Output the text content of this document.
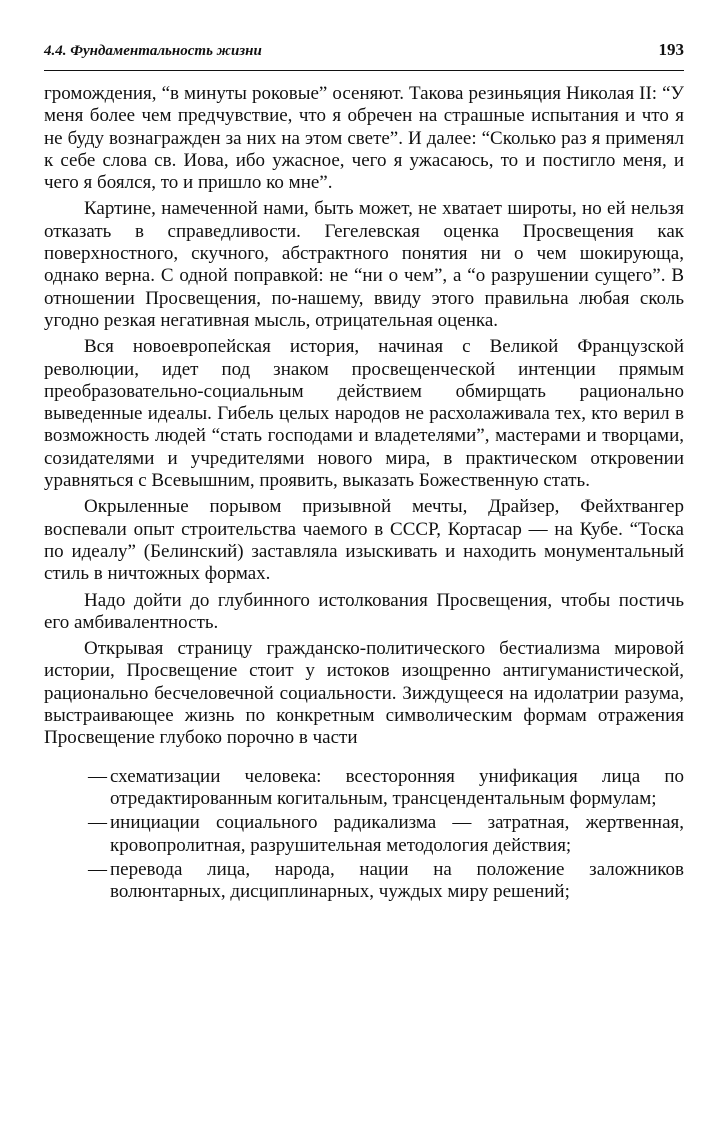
4.4. Фундаментальность жизни	193

громождения, “в минуты роковые” осеняют. Такова резиньяция Николая II: “У меня более чем предчувствие, что я обречен на страшные испытания и что я не буду вознагражден за них на этом свете”. И далее: “Сколько раз я применял к себе слова св. Иова, ибо ужасное, чего я ужасаюсь, то и постигло меня, и чего я боялся, то и пришло ко мне”.

Картине, намеченной нами, быть может, не хватает широты, но ей нельзя отказать в справедливости. Гегелевская оценка Просвещения как поверхностного, скучного, абстрактного понятия ни о чем шокирующа, однако верна. С одной поправкой: не “ни о чем”, а “о разрушении сущего”. В отношении Просвещения, по-нашему, ввиду этого правильна любая сколь угодно резкая негативная мысль, отрицательная оценка.

Вся новоевропейская история, начиная с Великой Французской революции, идет под знаком просвещенческой интенции прямым преобразовательно-социальным действием обмирщать рационально выведенные идеалы. Гибель целых народов не расхолаживала тех, кто верил в возможность людей “стать господами и владетелями”, мастерами и творцами, созидателями и учредителями нового мира, в практическом откровении уравняться с Всевышним, проявить, выказать Божественную стать.

Окрыленные порывом призывной мечты, Драйзер, Фейхтвангер воспевали опыт строительства чаемого в СССР, Кортасар — на Кубе. “Тоска по идеалу” (Белинский) заставляла изыскивать и находить монументальный стиль в ничтожных формах.

Надо дойти до глубинного истолкования Просвещения, чтобы постичь его амбивалентность.

Открывая страницу гражданско-политического бестиализма мировой истории, Просвещение стоит у истоков изощренно антигуманистической, рационально бесчеловечной социальности. Зиждущееся на идолатрии разума, выстраивающее жизнь по конкретным символическим формам отражения Просвещение глубоко порочно в части

— схематизации человека: всесторонняя унификация лица по отредактированным когитальным, трансцендентальным формулам;
— инициации социального радикализма — затратная, жертвенная, кровопролитная, разрушительная методология действия;
— перевода лица, народа, нации на положение заложников волюнтарных, дисциплинарных, чуждых миру решений;
